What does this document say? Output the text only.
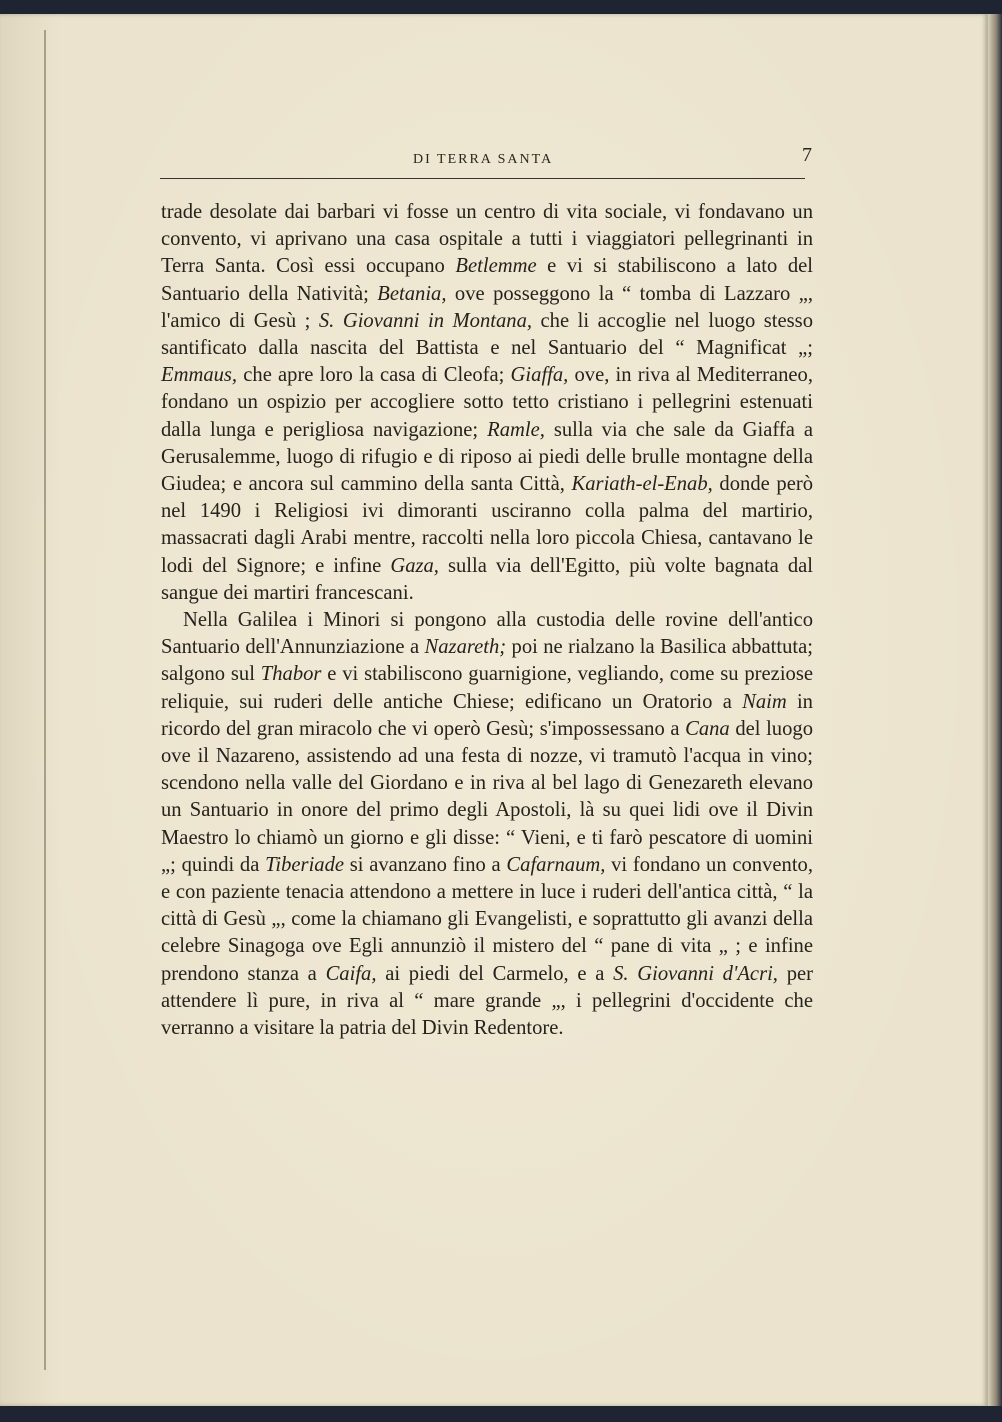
DI TERRA SANTA	7

trade desolate dai barbari vi fosse un centro di vita sociale, vi fondavano un convento, vi aprivano una casa ospitale a tutti i viaggiatori pellegrinanti in Terra Santa. Così essi occupano Betlemme e vi si stabiliscono a lato del Santuario della Natività; Betania, ove posseggono la “ tomba di Lazzaro „, l'amico di Gesù ; S. Giovanni in Montana, che li accoglie nel luogo stesso santificato dalla nascita del Battista e nel Santuario del “ Magnificat „; Emmaus, che apre loro la casa di Cleofa; Giaffa, ove, in riva al Mediterraneo, fondano un ospizio per accogliere sotto tetto cristiano i pellegrini estenuati dalla lunga e perigliosa navigazione; Ramle, sulla via che sale da Giaffa a Gerusalemme, luogo di rifugio e di riposo ai piedi delle brulle montagne della Giudea; e ancora sul cammino della santa Città, Kariath-el-Enab, donde però nel 1490 i Religiosi ivi dimoranti usciranno colla palma del martirio, massacrati dagli Arabi mentre, raccolti nella loro piccola Chiesa, cantavano le lodi del Signore; e infine Gaza, sulla via dell'Egitto, più volte bagnata dal sangue dei martiri francescani.

Nella Galilea i Minori si pongono alla custodia delle rovine dell'antico Santuario dell'Annunziazione a Nazareth; poi ne rialzano la Basilica abbattuta; salgono sul Thabor e vi stabiliscono guarnigione, vegliando, come su preziose reliquie, sui ruderi delle antiche Chiese; edificano un Oratorio a Naim in ricordo del gran miracolo che vi operò Gesù; s'impossessano a Cana del luogo ove il Nazareno, assistendo ad una festa di nozze, vi tramutò l'acqua in vino; scendono nella valle del Giordano e in riva al bel lago di Genezareth elevano un Santuario in onore del primo degli Apostoli, là su quei lidi ove il Divin Maestro lo chiamò un giorno e gli disse: “ Vieni, e ti farò pescatore di uomini „; quindi da Tiberiade si avanzano fino a Cafarnaum, vi fondano un convento, e con paziente tenacia attendono a mettere in luce i ruderi dell'antica città, “ la città di Gesù „, come la chiamano gli Evangelisti, e soprattutto gli avanzi della celebre Sinagoga ove Egli annunziò il mistero del “ pane di vita „ ; e infine prendono stanza a Caifa, ai piedi del Carmelo, e a S. Giovanni d'Acri, per attendere lì pure, in riva al “ mare grande „, i pellegrini d'occidente che verranno a visitare la patria del Divin Redentore.
